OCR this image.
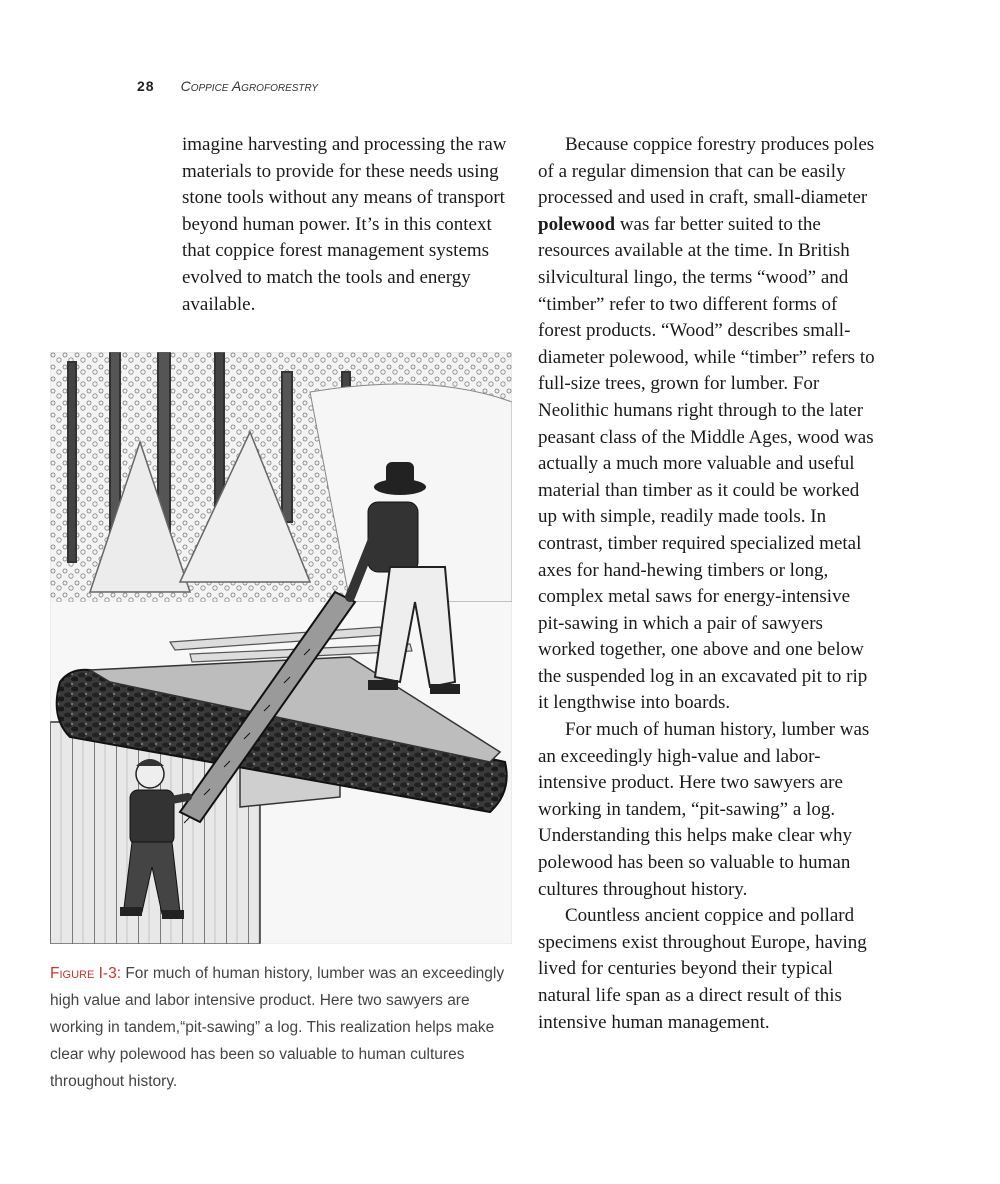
28 Coppice Agroforestry

imagine harvesting and processing the raw materials to provide for these needs using stone tools without any means of transport beyond human power. It’s in this context that coppice forest management systems evolved to match the tools and energy available.

Figure I-3: For much of human history, lumber was an exceedingly high value and labor intensive product. Here two sawyers are working in tandem,“pit-sawing” a log. This realization helps make clear why polewood has been so valuable to human cultures throughout history.

Because coppice forestry produces poles of a regular dimension that can be easily processed and used in craft, small-diameter polewood was far better suited to the resources available at the time. In British silvicultural lingo, the terms “wood” and “timber” refer to two different forms of forest products. “Wood” describes small-diameter polewood, while “timber” refers to full-size trees, grown for lumber. For Neolithic humans right through to the later peasant class of the Middle Ages, wood was actually a much more valuable and useful material than timber as it could be worked up with simple, readily made tools. In contrast, timber required specialized metal axes for hand-hewing timbers or long, complex metal saws for energy-intensive pit-sawing in which a pair of sawyers worked together, one above and one below the suspended log in an excavated pit to rip it lengthwise into boards.

For much of human history, lumber was an exceedingly high-value and labor-intensive product. Here two sawyers are working in tandem, “pit-sawing” a log. Understanding this helps make clear why polewood has been so valuable to human cultures throughout history.

Countless ancient coppice and pollard specimens exist throughout Europe, having lived for centuries beyond their typical natural life span as a direct result of this intensive human management.
